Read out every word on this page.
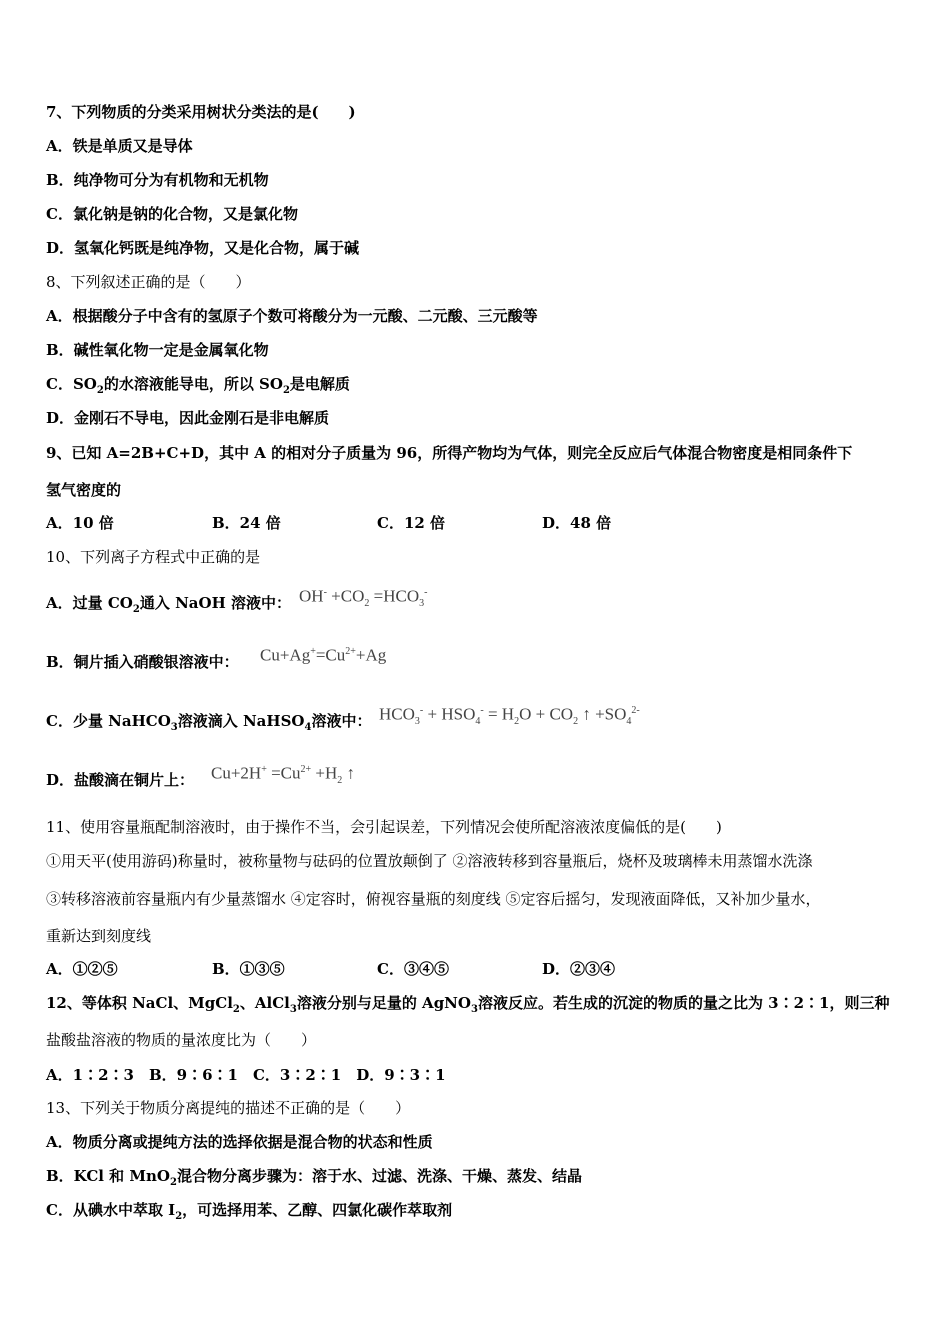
7、下列物质的分类采用树状分类法的是(　　)
A．铁是单质又是导体
B．纯净物可分为有机物和无机物
C．氯化钠是钠的化合物，又是氯化物
D．氢氧化钙既是纯净物，又是化合物，属于碱
8、下列叙述正确的是（　　）
A．根据酸分子中含有的氢原子个数可将酸分为一元酸、二元酸、三元酸等
B．碱性氧化物一定是金属氧化物
C．$SO_2$的水溶液能导电，所以 $SO_2$是电解质
D．金刚石不导电，因此金刚石是非电解质
9、已知 A=2B+C+D，其中 A 的相对分子质量为 96，所得产物均为气体，则完全反应后气体混合物密度是相同条件下
氢气密度的
A．10 倍	B．24 倍	C．12 倍	D．48 倍
10、下列离子方程式中正确的是
A．过量 $CO_2$通入 NaOH 溶液中： $OH^- +CO_2 =HCO_3^-$
B．铜片插入硝酸银溶液中： $Cu+Ag^+=Cu^{2+}+Ag$
C．少量 NaHCO$_3$溶液滴入 NaHSO$_4$溶液中： $HCO_3^- + HSO_4^- = H_2O + CO_2$ ↑ $+SO_4^{2-}$
D．盐酸滴在铜片上： $Cu+2H^+ =Cu^{2+} +H_2$ ↑
11、使用容量瓶配制溶液时，由于操作不当，会引起误差，下列情况会使所配溶液浓度偏低的是(　　)
①用天平(使用游码)称量时，被称量物与砝码的位置放颠倒了 ②溶液转移到容量瓶后，烧杯及玻璃棒未用蒸馏水洗涤
③转移溶液前容量瓶内有少量蒸馏水 ④定容时，俯视容量瓶的刻度线 ⑤定容后摇匀，发现液面降低，又补加少量水，
重新达到刻度线
A．①②⑤	B．①③⑤	C．③④⑤	D．②③④
12、等体积 NaCl、MgCl$_2$、AlCl$_3$溶液分别与足量的 AgNO$_3$溶液反应。若生成的沉淀的物质的量之比为 3∶2∶1，则三种
盐酸盐溶液的物质的量浓度比为（　　）
A．1∶2∶3　B．9∶6∶1　C．3∶2∶1　D．9∶3∶1
13、下列关于物质分离提纯的描述不正确的是（　　）
A．物质分离或提纯方法的选择依据是混合物的状态和性质
B．KCl 和 MnO$_2$混合物分离步骤为：溶于水、过滤、洗涤、干燥、蒸发、结晶
C．从碘水中萃取 $I_2$，可选择用苯、乙醇、四氯化碳作萃取剂
